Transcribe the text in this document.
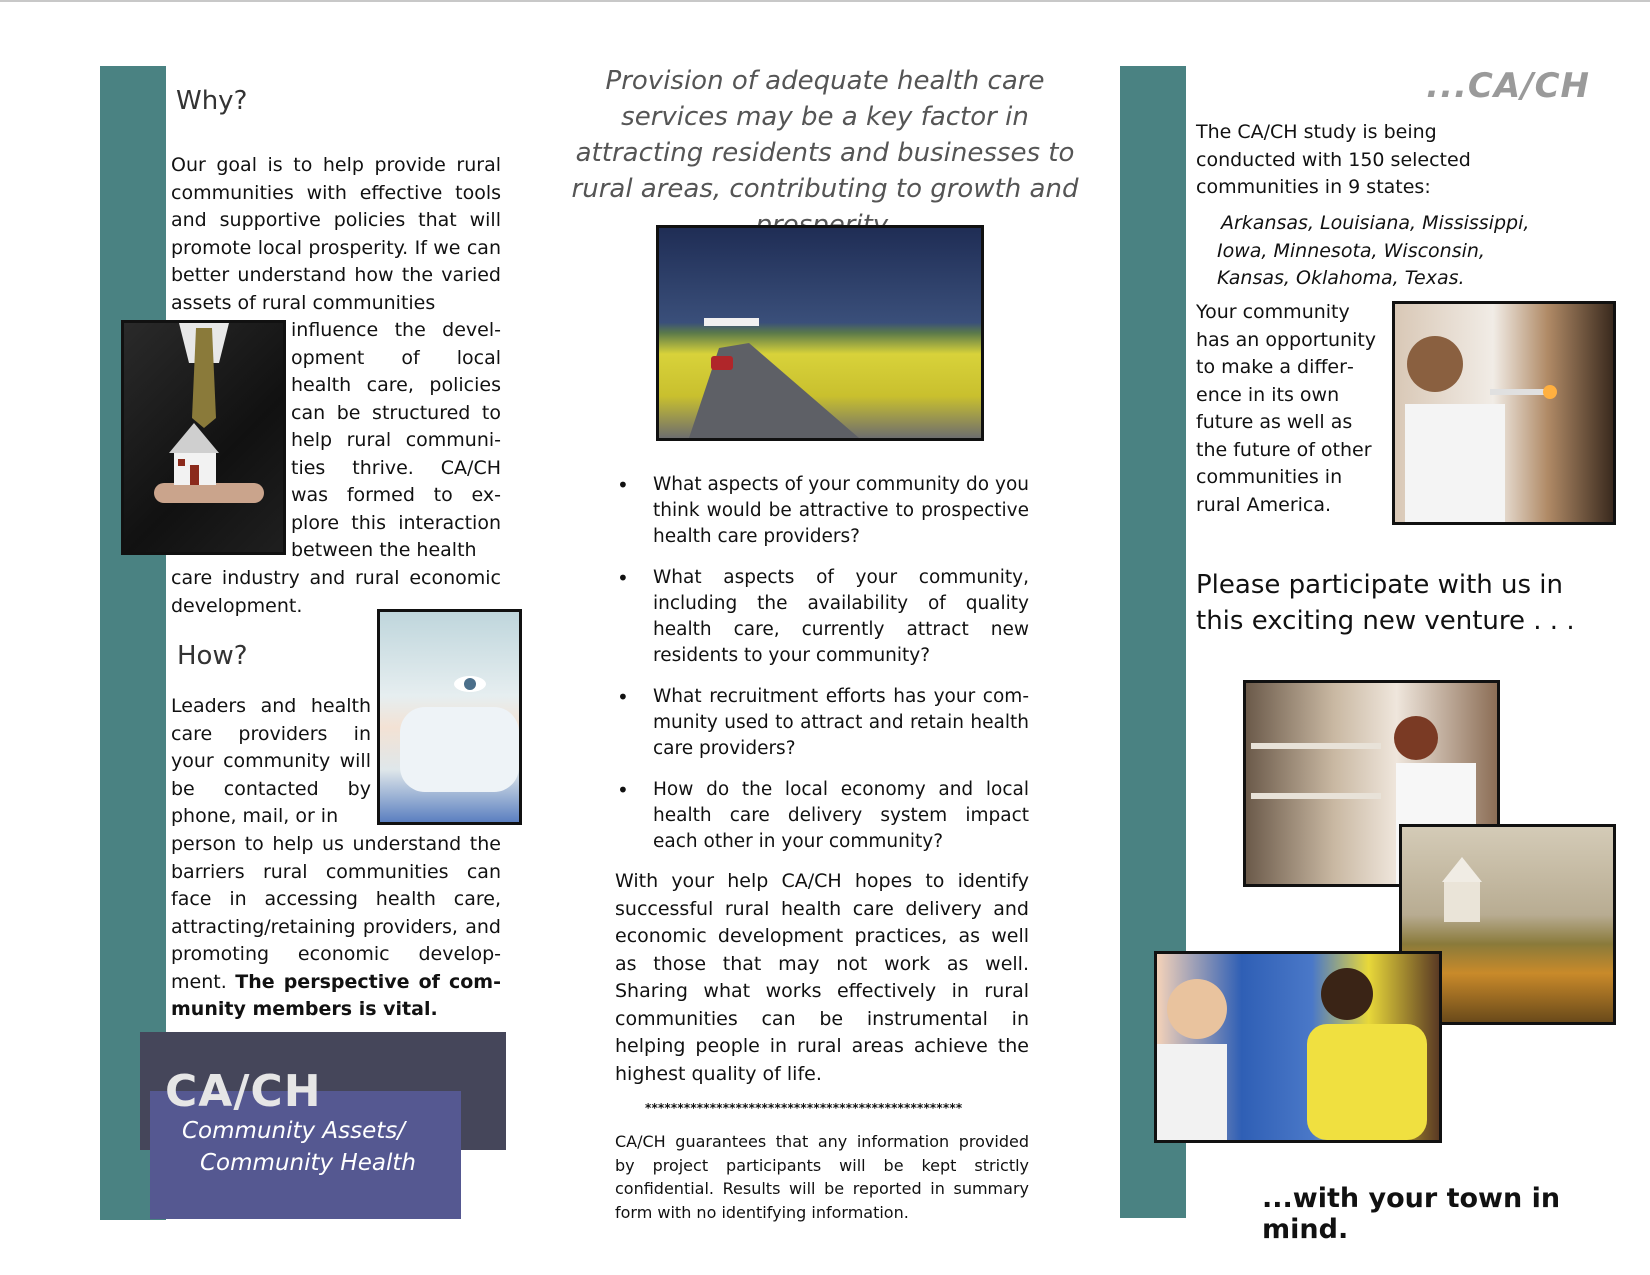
Why?

Our goal is to help provide rural communities with effective tools and supportive policies that will promote local prosperity. If we can better understand how the varied assets of rural communities

influence the development of local health care, policies can be structured to help rural communities thrive. CA/CH was formed to explore this interaction between the health

care industry and rural economic development.

How?

Leaders and health care providers in your community will be contacted by phone, mail, or in

person to help us understand the barriers rural communities can face in accessing health care, attracting/retaining providers, and promoting economic development. The perspective of community members is vital.

CA/CH
Community Assets/
Community Health

Provision of adequate health care services may be a key factor in attracting residents and businesses to rural areas, contributing to growth and

• What aspects of your community do you think would be attractive to prospective health care providers?
• What aspects of your community, including the availability of quality health care, currently attract new residents to your community?
• What recruitment efforts has your community used to attract and retain health care providers?
• How do the local economy and local health care delivery system impact each other in your community?

With your help CA/CH hopes to identify successful rural health care delivery and economic development practices, as well as those that may not work as well. Sharing what works effectively in rural communities can be instrumental in helping people in rural areas achieve the highest quality of life.

*************************************************

CA/CH guarantees that any information provided by project participants will be kept strictly confidential. Results will be reported in summary form with no identifying information.

...CA/CH

The CA/CH study is being conducted with 150 selected communities in 9 states:

Arkansas, Louisiana, Mississippi,
Iowa, Minnesota, Wisconsin,
Kansas, Oklahoma, Texas.

Your community has an opportunity to make a difference in its own future as well as the future of other communities in rural America.

Please participate with us in this exciting new venture . . .

...with your town in mind.
